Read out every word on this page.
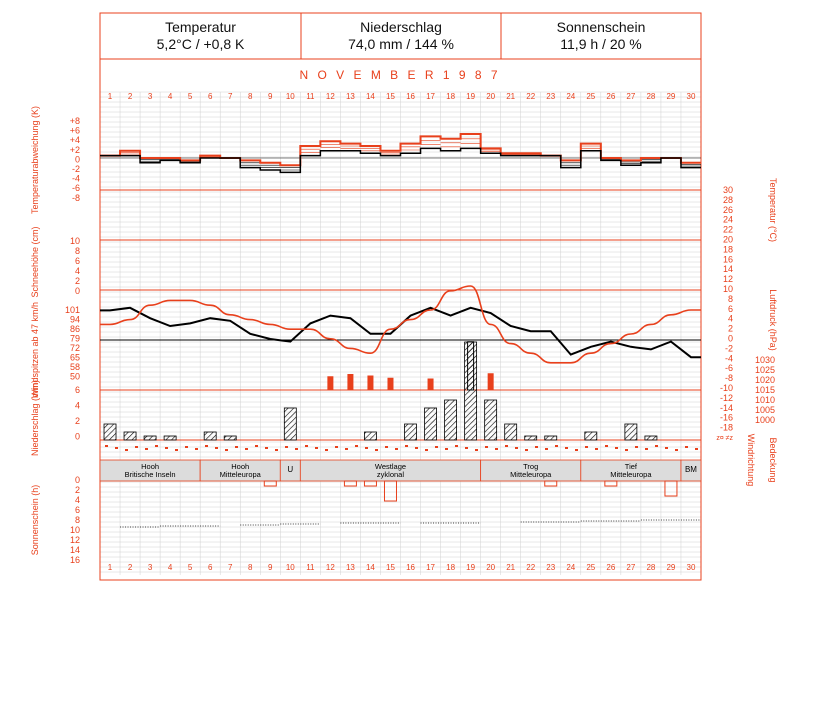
Temperatur
5,2°C / +0,8 K
Niederschlag
74,0 mm / 144 %
Sonnenschein
11,9 h / 20 %
N O V E M B E R 1 9 8 7
1
1
2
2
3
3
4
4
5
5
6
6
7
7
8
8
9
9
10
10
11
11
12
12
13
13
14
14
15
15
16
16
17
17
18
18
19
19
20
20
21
21
22
22
23
23
24
24
25
25
26
26
27
27
28
28
29
29
30
30
Temperaturabweichung (K)
Schneehöhe (cm)
Windspitzen ab 47 km/h
Niederschlag (mm)
Sonnenschein (h)
Temperatur (°C)
Luftdruck (hPa)
Windrichtung Bedeckung
+8
+6
+4
+2
0
-2
-4
-6
-8
10
8
6
4
2
0
101
94
86
79
72
65
58
50
6
4
2
0
0
2
4
6
8
10
12
14
16
30
28
26
24
22
20
18
16
14
12
10
8
6
4
2
0
-2
-4
-6
-8
-10
-12
-14
-16
-18
1030
1025
1020
1015
1010
1005
1000
z¤ ≠z
Hooh
Britische Inseln
Hooh
Mitteleuropa
U	Westlage
zyklonal
Trog
Mitteleuropa
Tief
Mitteleuropa
BM
